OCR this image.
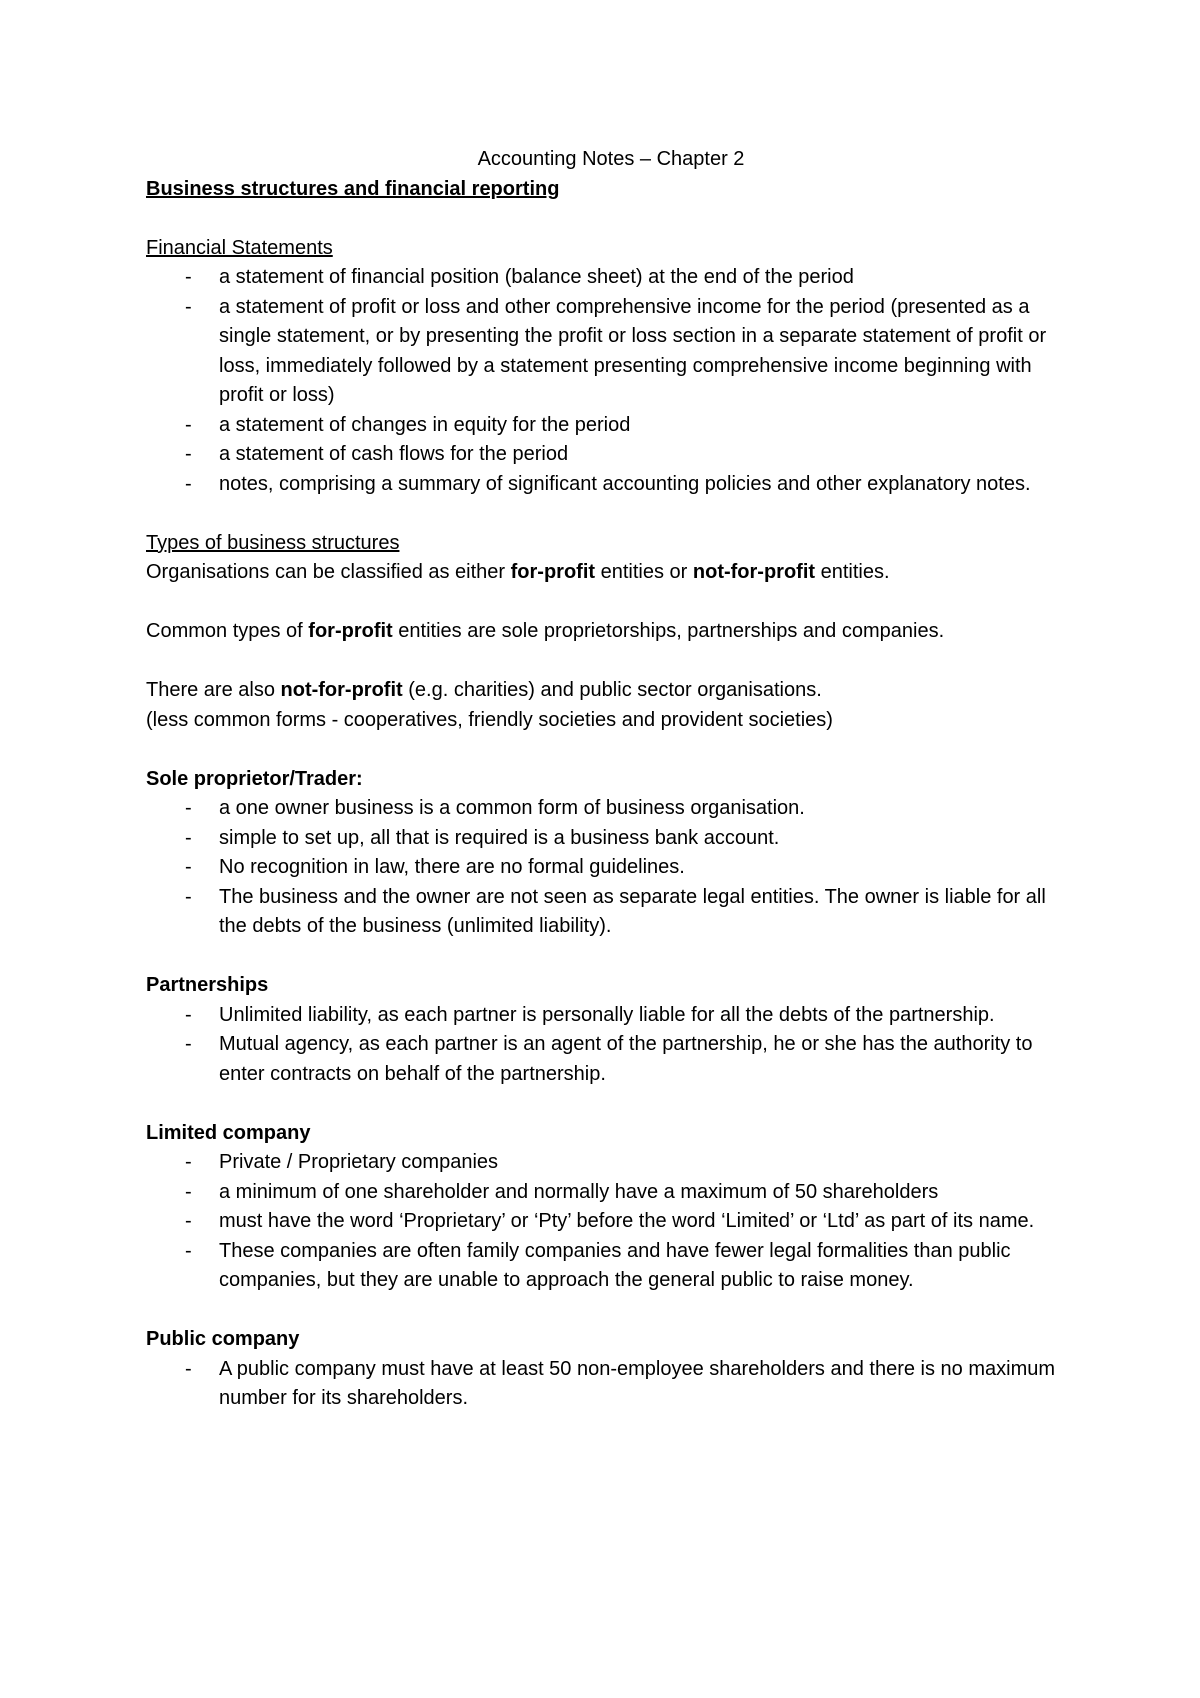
Accounting Notes – Chapter 2

Business structures and financial reporting

Financial Statements

- a statement of financial position (balance sheet) at the end of the period
- a statement of profit or loss and other comprehensive income for the period (presented as a single statement, or by presenting the profit or loss section in a separate statement of profit or loss, immediately followed by a statement presenting comprehensive income beginning with profit or loss)
- a statement of changes in equity for the period
- a statement of cash flows for the period
- notes, comprising a summary of significant accounting policies and other explanatory notes.

Types of business structures

Organisations can be classified as either for-profit entities or not-for-profit entities.

Common types of for-profit entities are sole proprietorships, partnerships and companies.

There are also not-for-profit (e.g. charities) and public sector organisations.

(less common forms - cooperatives, friendly societies and provident societies)

Sole proprietor/Trader:

- a one owner business is a common form of business organisation.
- simple to set up, all that is required is a business bank account.
- No recognition in law, there are no formal guidelines.
- The business and the owner are not seen as separate legal entities. The owner is liable for all the debts of the business (unlimited liability).

Partnerships

- Unlimited liability, as each partner is personally liable for all the debts of the partnership.
- Mutual agency, as each partner is an agent of the partnership, he or she has the authority to enter contracts on behalf of the partnership.

Limited company

- Private / Proprietary companies
- a minimum of one shareholder and normally have a maximum of 50 shareholders
- must have the word ‘Proprietary’ or ‘Pty’ before the word ‘Limited’ or ‘Ltd’ as part of its name.
- These companies are often family companies and have fewer legal formalities than public companies, but they are unable to approach the general public to raise money.

Public company

- A public company must have at least 50 non-employee shareholders and there is no maximum number for its shareholders.
